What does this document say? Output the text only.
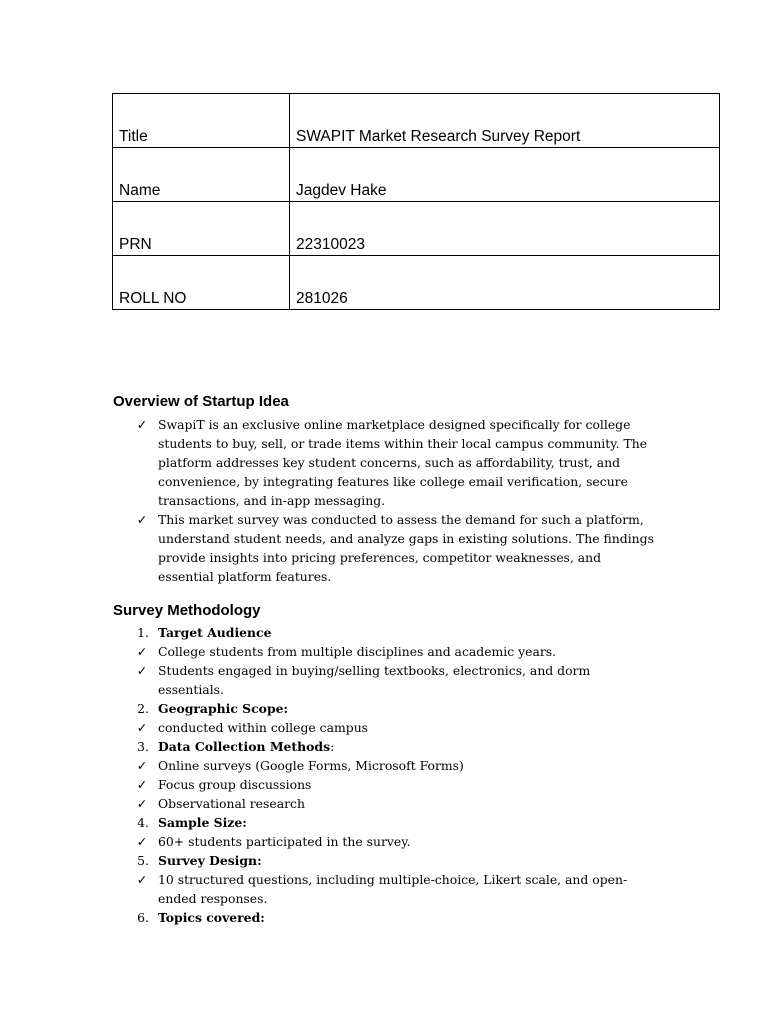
Title	SWAPIT Market Research Survey Report
Name	Jagdev Hake
PRN	22310023
ROLL NO	281026
Overview of Startup Idea
✓ SwapiT is an exclusive online marketplace designed specifically for college students to buy, sell, or trade items within their local campus community. The platform addresses key student concerns, such as affordability, trust, and convenience, by integrating features like college email verification, secure transactions, and in-app messaging.
✓ This market survey was conducted to assess the demand for such a platform, understand student needs, and analyze gaps in existing solutions. The findings provide insights into pricing preferences, competitor weaknesses, and essential platform features.
Survey Methodology
1. Target Audience
✓ College students from multiple disciplines and academic years.
✓ Students engaged in buying/selling textbooks, electronics, and dorm essentials.
2. Geographic Scope:
✓ conducted within college campus
3. Data Collection Methods:
✓ Online surveys (Google Forms, Microsoft Forms)
✓ Focus group discussions
✓ Observational research
4. Sample Size:
✓ 60+ students participated in the survey.
5. Survey Design:
✓ 10 structured questions, including multiple-choice, Likert scale, and open-ended responses.
6. Topics covered:
